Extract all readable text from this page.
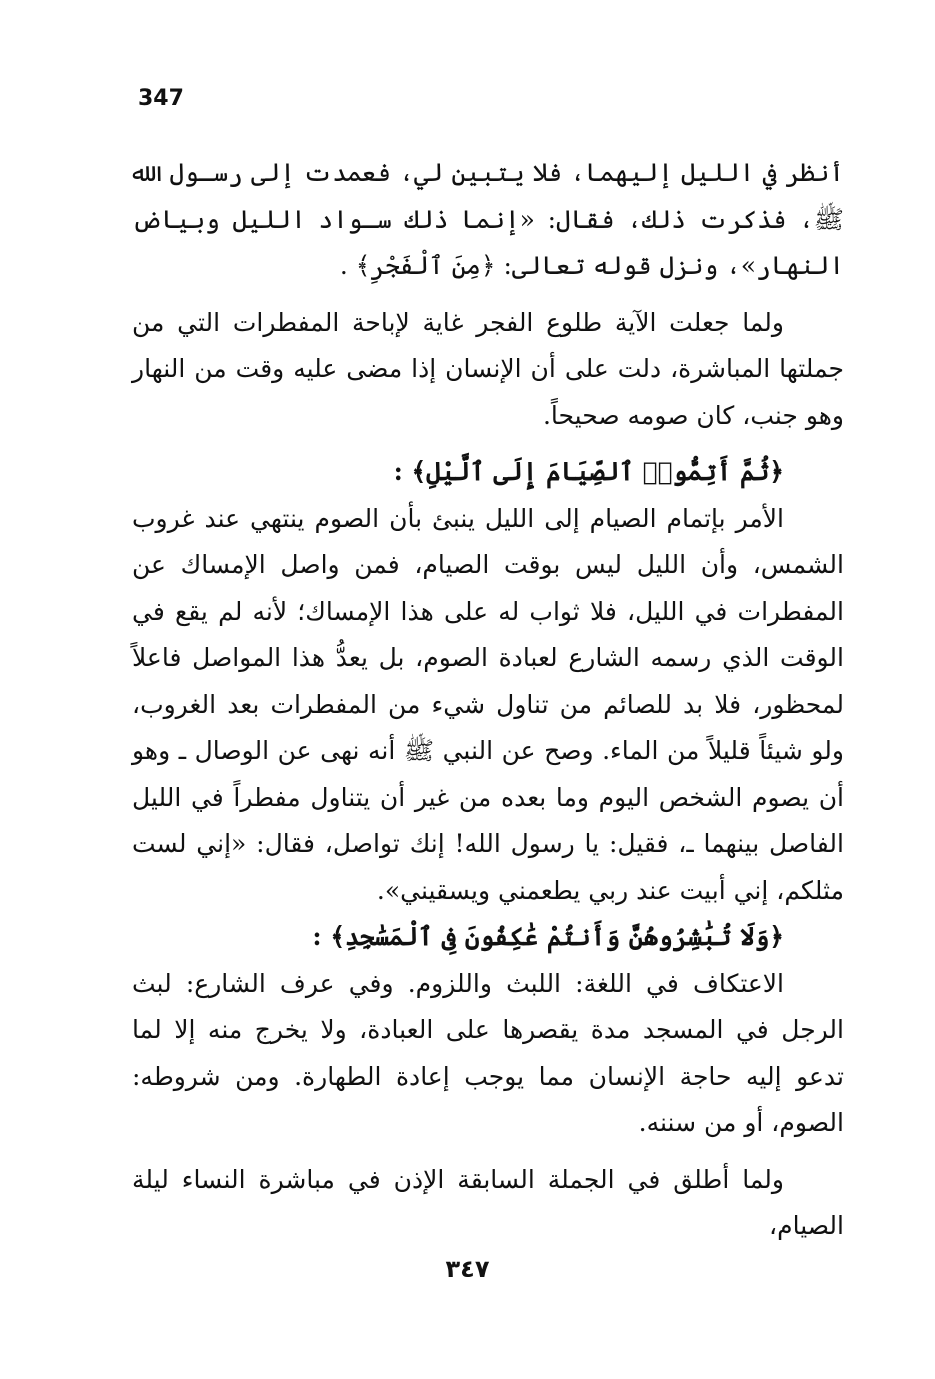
347

أنظر في الليل إليهما، فلا يتبين لي، فعمدت إلى رسـول الله ﷺ، فذكرت ذلك، فقال: «إنما ذلك سـواد الليل وبياض النهار»، ونزل قوله تعالى: ﴿مِنَ ٱلْفَجْرِ﴾ .

ولما جعلت الآية طلوع الفجر غاية لإباحة المفطرات التي من جملتها المباشرة، دلت على أن الإنسان إذا مضى عليه وقت من النهار وهو جنب، كان صومه صحيحاً.

﴿ثُمَّ أَتِمُّوا۟ ٱلصِّيَامَ إِلَى ٱلَّيْلِ﴾ :

الأمر بإتمام الصيام إلى الليل ينبئ بأن الصوم ينتهي عند غروب الشمس، وأن الليل ليس بوقت الصيام، فمن واصل الإمساك عن المفطرات في الليل، فلا ثواب له على هذا الإمساك؛ لأنه لم يقع في الوقت الذي رسمه الشارع لعبادة الصوم، بل يعدُّ هذا المواصل فاعلاً لمحظور، فلا بد للصائم من تناول شيء من المفطرات بعد الغروب، ولو شيئاً قليلاً من الماء. وصح عن النبي ﷺ أنه نهى عن الوصال ـ وهو أن يصوم الشخص اليوم وما بعده من غير أن يتناول مفطراً في الليل الفاصل بينهما ـ، فقيل: يا رسول الله! إنك تواصل، فقال: «إني لست مثلكم، إني أبيت عند ربي يطعمني ويسقيني».

﴿وَلَا تُبَٰشِرُوهُنَّ وَأَنتُمْ عَٰكِفُونَ فِى ٱلْمَسَٰجِدِ﴾ :

الاعتكاف في اللغة: اللبث واللزوم. وفي عرف الشارع: لبث الرجل في المسجد مدة يقصرها على العبادة، ولا يخرج منه إلا لما تدعو إليه حاجة الإنسان مما يوجب إعادة الطهارة. ومن شروطه: الصوم، أو من سننه.

ولما أطلق في الجملة السابقة الإذن في مباشرة النساء ليلة الصيام،

٣٤٧
